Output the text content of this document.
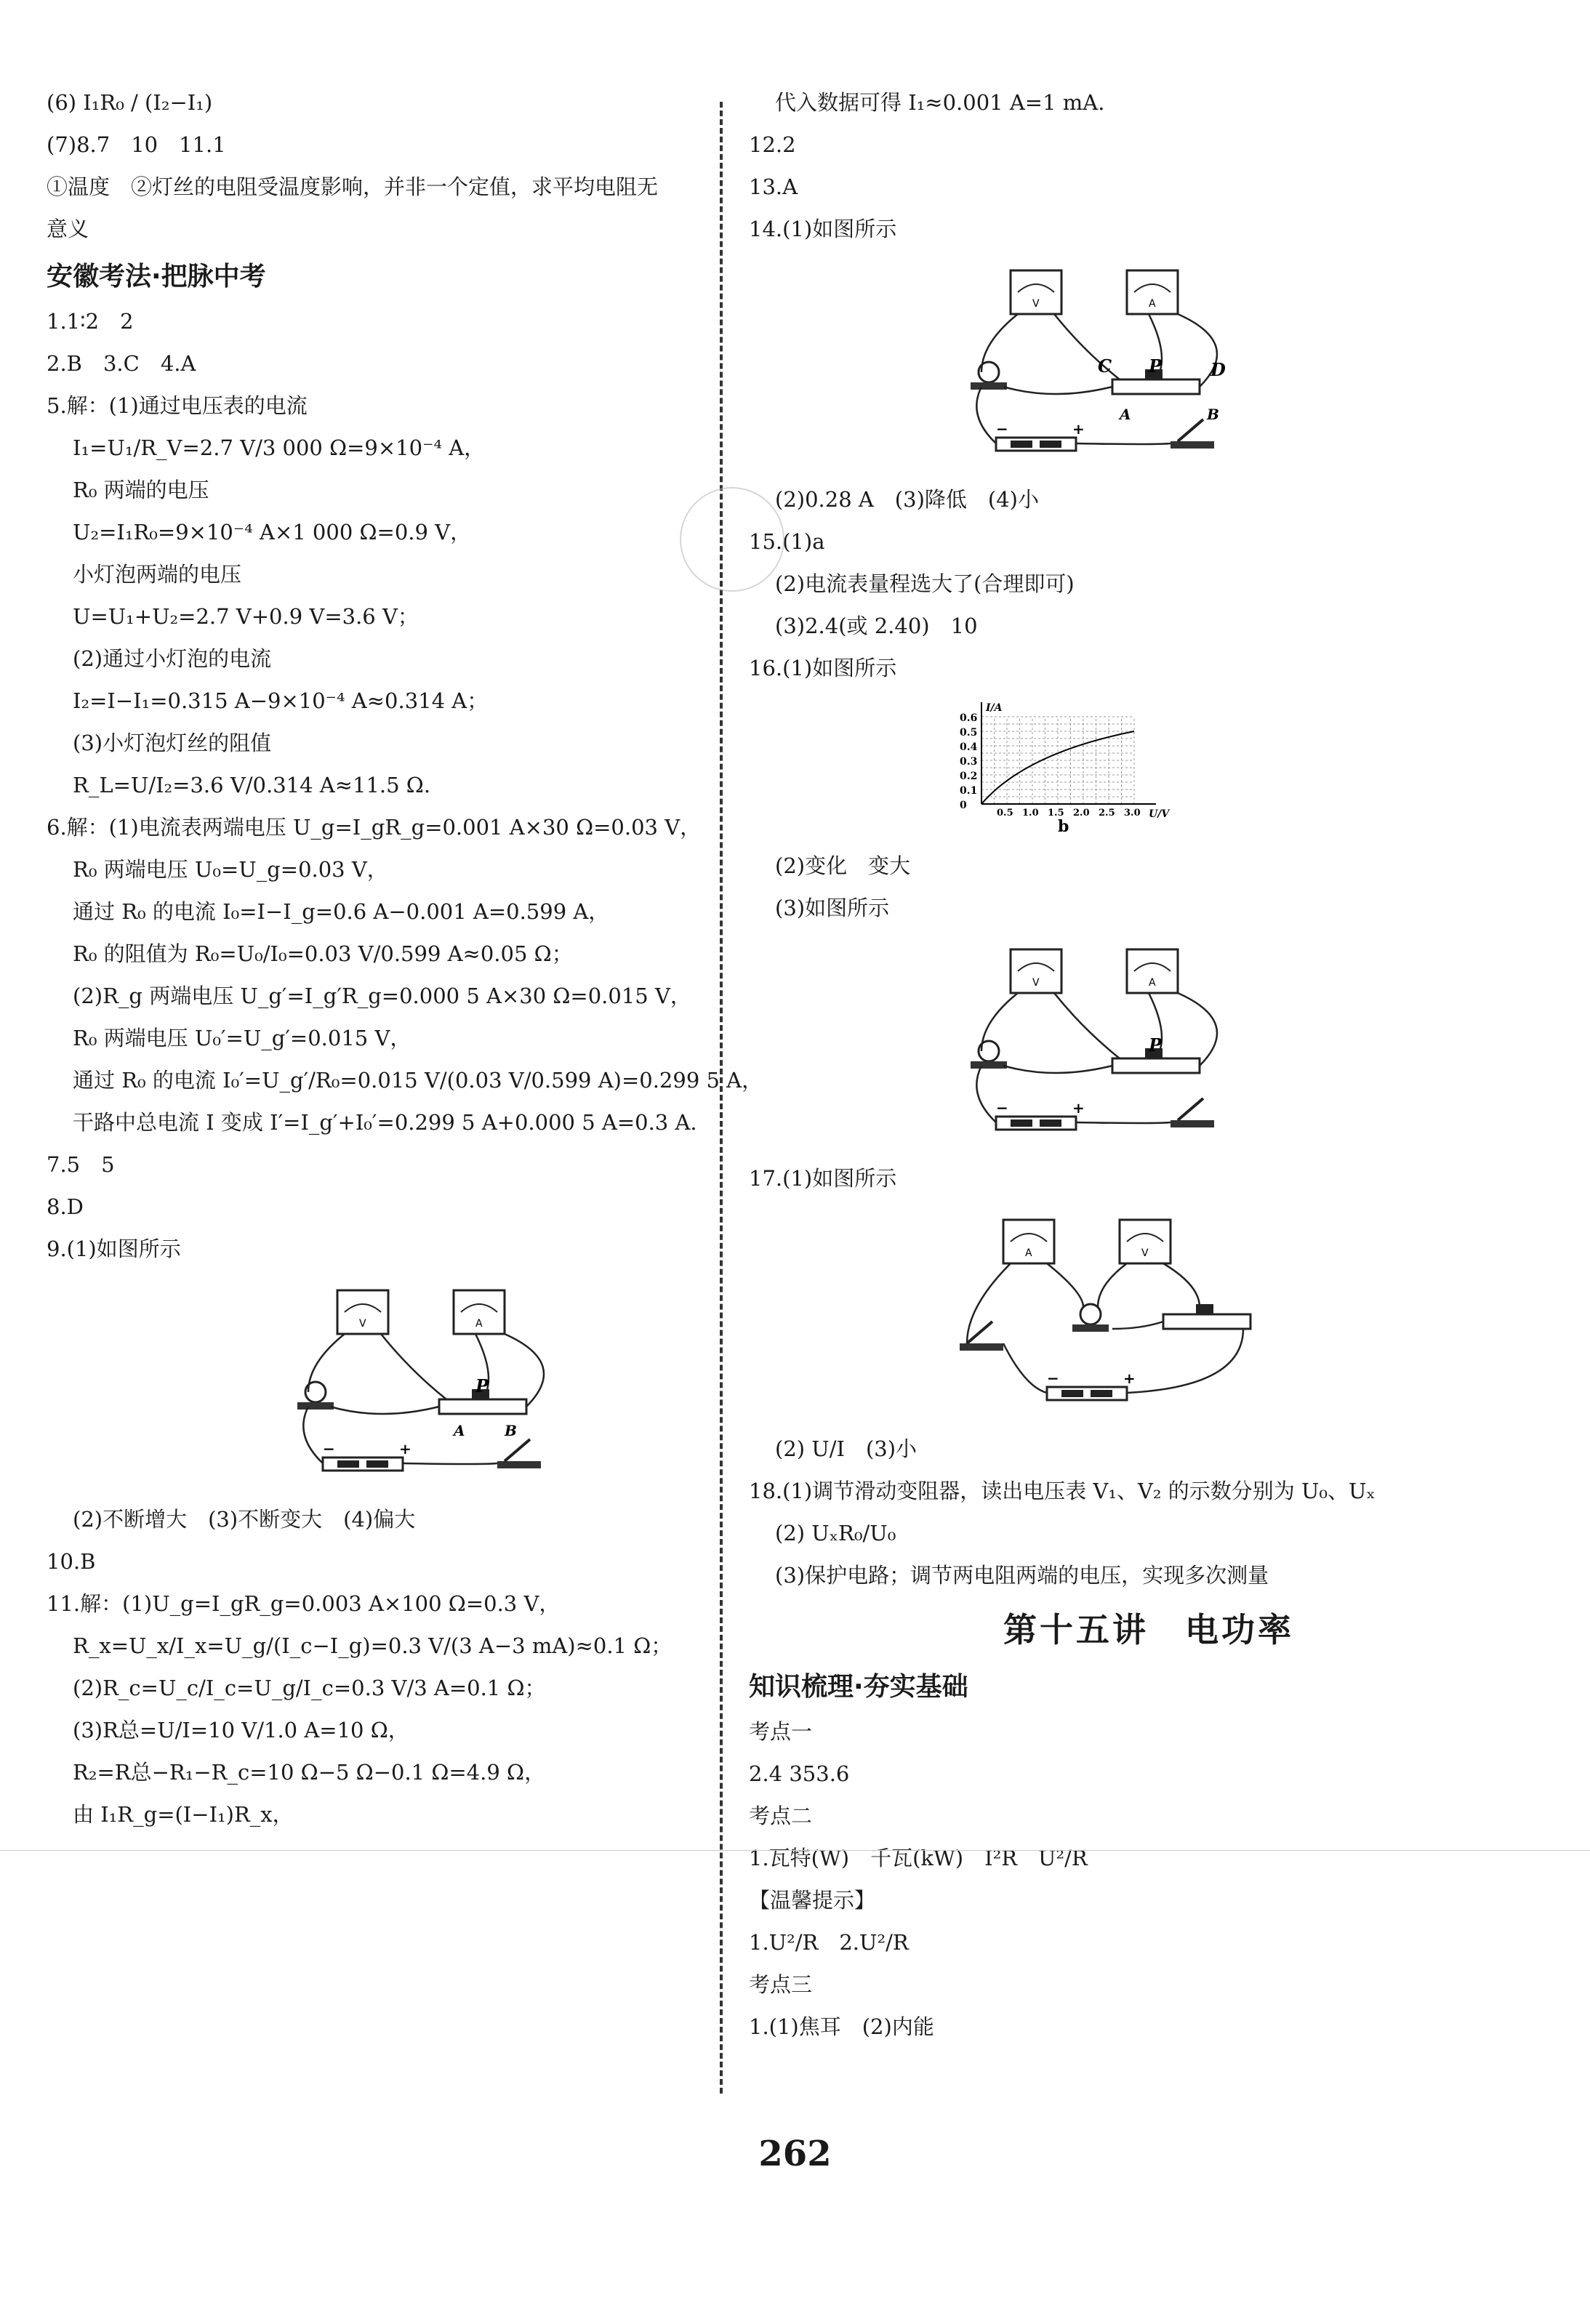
(6) I₁R₀ / (I₂−I₁)
(7)8.7　10　11.1
①温度　②灯丝的电阻受温度影响，并非一个定值，求平均电阻无
意义
安徽考法·把脉中考
1.1∶2　2
2.B　3.C　4.A
5.解：(1)通过电压表的电流
I₁=U₁/R_V=2.7 V/3 000 Ω=9×10⁻⁴ A，
R₀ 两端的电压
U₂=I₁R₀=9×10⁻⁴ A×1 000 Ω=0.9 V，
小灯泡两端的电压
U=U₁+U₂=2.7 V+0.9 V=3.6 V；
(2)通过小灯泡的电流
I₂=I−I₁=0.315 A−9×10⁻⁴ A≈0.314 A；
(3)小灯泡灯丝的阻值
R_L=U/I₂=3.6 V/0.314 A≈11.5 Ω.
6.解：(1)电流表两端电压 U_g=I_gR_g=0.001 A×30 Ω=0.03 V，
R₀ 两端电压 U₀=U_g=0.03 V，
通过 R₀ 的电流 I₀=I−I_g=0.6 A−0.001 A=0.599 A，
R₀ 的阻值为 R₀=U₀/I₀=0.03 V/0.599 A≈0.05 Ω；
(2)R_g 两端电压 U_g′=I_g′R_g=0.000 5 A×30 Ω=0.015 V，
R₀ 两端电压 U₀′=U_g′=0.015 V，
通过 R₀ 的电流 I₀′=U_g′/R₀=0.015 V/(0.03 V/0.599 A)=0.299 5 A，
干路中总电流 I 变成 I′=I_g′+I₀′=0.299 5 A+0.000 5 A=0.3 A.
7.5　5
8.D
9.(1)如图所示
V	A
P
A	B
−	+
(2)不断增大　(3)不断变大　(4)偏大
10.B
11.解：(1)U_g=I_gR_g=0.003 A×100 Ω=0.3 V，
R_x=U_x/I_x=U_g/(I_c−I_g)=0.3 V/(3 A−3 mA)≈0.1 Ω；
(2)R_c=U_c/I_c=U_g/I_c=0.3 V/3 A=0.1 Ω；
(3)R总=U/I=10 V/1.0 A=10 Ω，
R₂=R总−R₁−R_c=10 Ω−5 Ω−0.1 Ω=4.9 Ω，
由 I₁R_g=(I−I₁)R_x，
代入数据可得 I₁≈0.001 A=1 mA.
12.2
13.A
14.(1)如图所示
V	A
P
C	D
A	B
−	+
(2)0.28 A　(3)降低　(4)小
15.(1)a
(2)电流表量程选大了(合理即可)
(3)2.4(或 2.40)　10
16.(1)如图所示
0.6
0.5
0.4
0.3
0.2
0.1
0
0.5 1.0 1.5 2.0 2.5 3.0
I/A
U/V
b
(2)变化　变大
(3)如图所示
V	A
P
−	+
17.(1)如图所示
A	V
−	+
(2) U/I　(3)小
18.(1)调节滑动变阻器，读出电压表 V₁、V₂ 的示数分别为 U₀、Uₓ
(2) UₓR₀/U₀
(3)保护电路；调节两电阻两端的电压，实现多次测量
第十五讲　电功率
知识梳理·夯实基础
考点一
2.4 353.6
考点二
1.瓦特(W)　千瓦(kW)　I²R　U²/R
【温馨提示】
1.U²/R　2.U²/R
考点三
1.(1)焦耳　(2)内能
262
